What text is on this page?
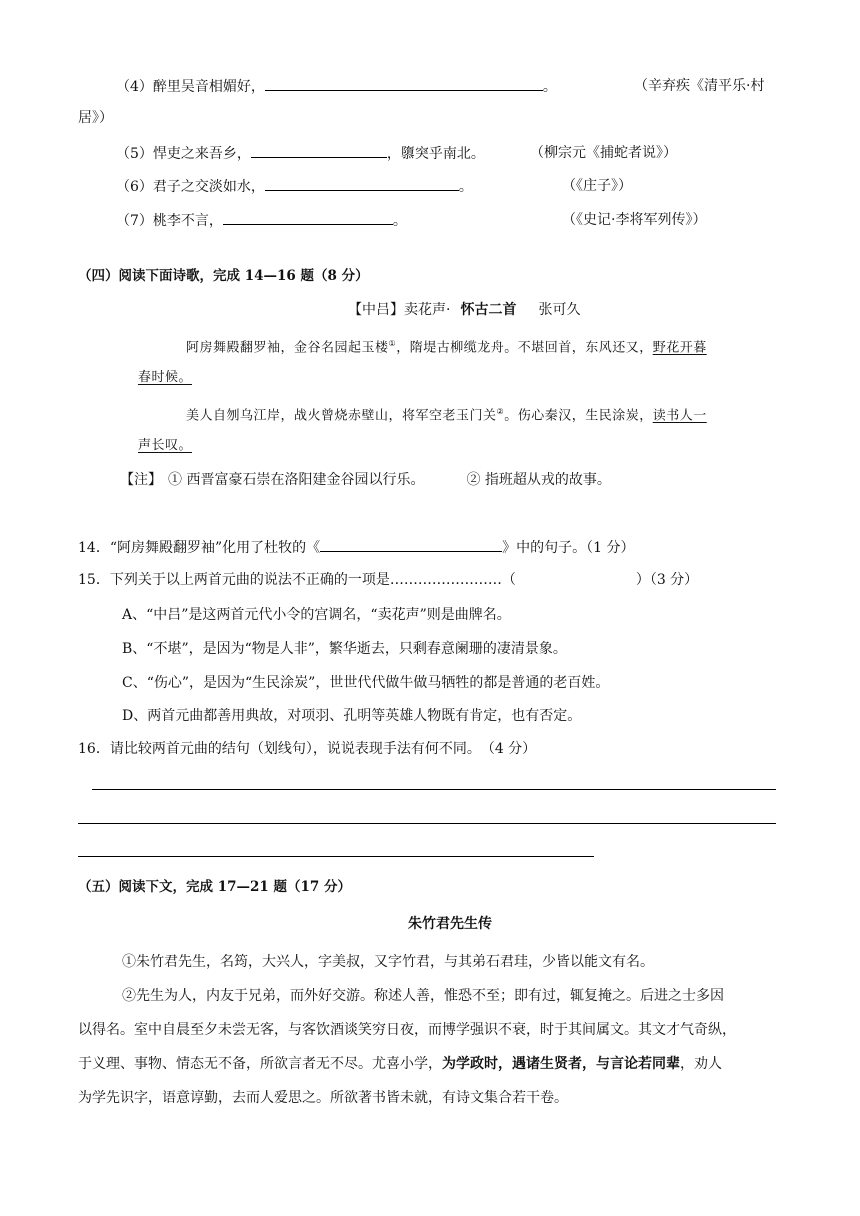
（4）醉里吴音相媚好，	。	（辛弃疾《清平乐·村
居》）
（5）悍吏之来吾乡，	，隳突乎南北。	（柳宗元《捕蛇者说》）
（6）君子之交淡如水，	。	（《庄子》）
（7）桃李不言，	。	（《史记·李将军列传》）
（四）阅读下面诗歌，完成 14—16 题（8 分）
【中吕】卖花声· 怀古二首 张可久
阿房舞殿翻罗袖，金谷名园起玉楼①，隋堤古柳缆龙舟。不堪回首，东风还又，野花开暮
春时候。
美人自刎乌江岸，战火曾烧赤壁山，将军空老玉门关②。伤心秦汉，生民涂炭，读书人一
声长叹。
【注】 ① 西晋富豪石崇在洛阳建金谷园以行乐。	② 指班超从戎的故事。
14．“阿房舞殿翻罗袖”化用了杜牧的《	》中的句子。（1 分）
15．下列关于以上两首元曲的说法不正确的一项是……………………（	）（3 分）
A、“中吕”是这两首元代小令的宫调名，“卖花声”则是曲牌名。
B、“不堪”，是因为“物是人非”，繁华逝去，只剩春意阑珊的凄清景象。
C、“伤心”，是因为“生民涂炭”，世世代代做牛做马牺牲的都是普通的老百姓。
D、两首元曲都善用典故，对项羽、孔明等英雄人物既有肯定，也有否定。
16．请比较两首元曲的结句（划线句），说说表现手法有何不同。　（4 分）
（五）阅读下文，完成 17—21 题（17 分）
朱竹君先生传
①朱竹君先生，名筠，大兴人，字美叔，又字竹君，与其弟石君珪，少皆以能文有名。
②先生为人，内友于兄弟，而外好交游。称述人善，惟恐不至；即有过，辄复掩之。后进之士多因
以得名。室中自晨至夕未尝无客，与客饮酒谈笑穷日夜，而博学强识不衰，时于其间属文。其文才气奇纵，
于义理、事物、情态无不备，所欲言者无不尽。尤喜小学，为学政时，遇诸生贤者，与言论若同辈，劝人
为学先识字，语意谆勤，去而人爱思之。所欲著书皆未就，有诗文集合若干卷。
